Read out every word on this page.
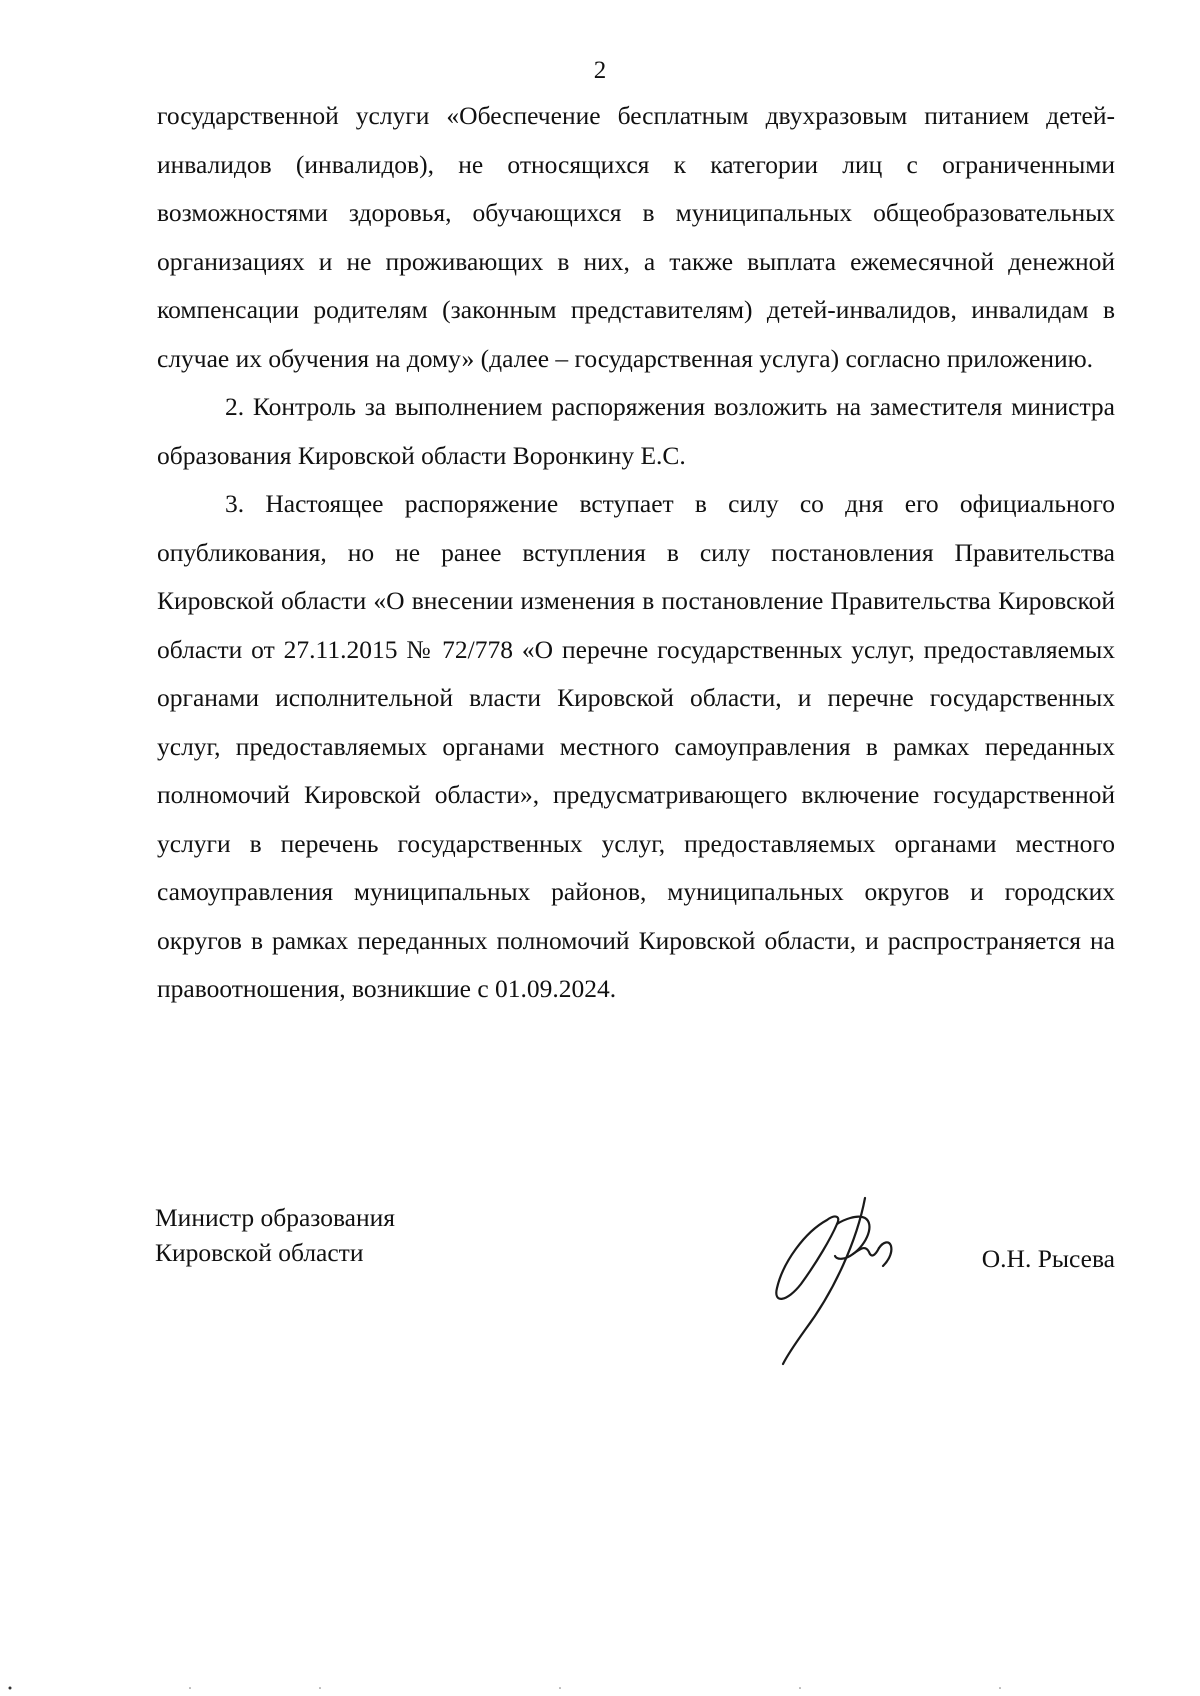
2

государственной услуги «Обеспечение бесплатным двухразовым питанием детей-инвалидов (инвалидов), не относящихся к категории лиц с ограниченными возможностями здоровья, обучающихся в муниципальных общеобразовательных организациях и не проживающих в них, а также выплата ежемесячной денежной компенсации родителям (законным представителям) детей-инвалидов, инвалидам в случае их обучения на дому» (далее – государственная услуга) согласно приложению.

2. Контроль за выполнением распоряжения возложить на заместителя министра образования Кировской области Воронкину Е.С.

3. Настоящее распоряжение вступает в силу со дня его официального опубликования, но не ранее вступления в силу постановления Правительства Кировской области «О внесении изменения в постановление Правительства Кировской области от 27.11.2015 № 72/778 «О перечне государственных услуг, предоставляемых органами исполнительной власти Кировской области, и перечне государственных услуг, предоставляемых органами местного самоуправления в рамках переданных полномочий Кировской области», предусматривающего включение государственной услуги в перечень государственных услуг, предоставляемых органами местного самоуправления муниципальных районов, муниципальных округов и городских округов в рамках переданных полномочий Кировской области, и распространяется на правоотношения, возникшие с 01.09.2024.

Министр образования
Кировской области	О.Н. Рысева
